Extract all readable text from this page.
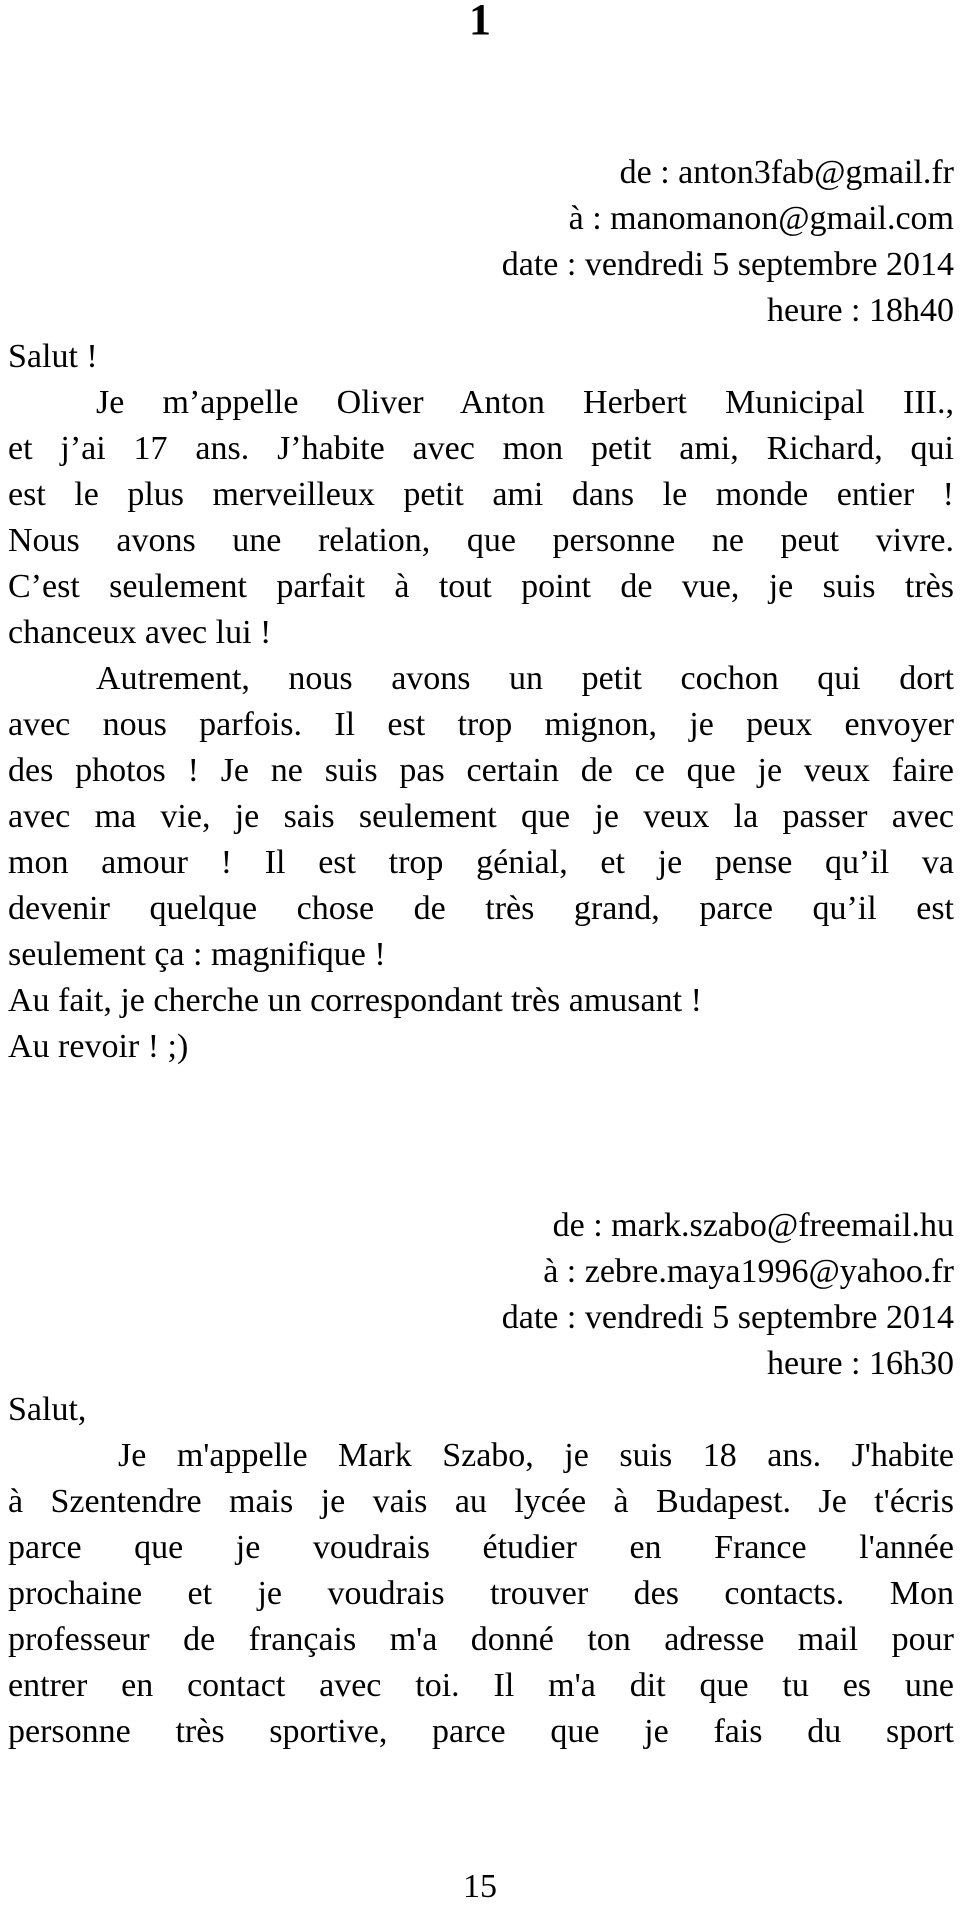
1
de : anton3fab@gmail.fr
à : manomanon@gmail.com
date : vendredi 5 septembre 2014
heure : 18h40
Salut !
Je m’appelle Oliver Anton Herbert Municipal III.,
et j’ai 17 ans. J’habite avec mon petit ami, Richard, qui
est le plus merveilleux petit ami dans le monde entier !
Nous avons une relation, que personne ne peut vivre.
C’est seulement parfait à tout point de vue, je suis très
chanceux avec lui !
Autrement, nous avons un petit cochon qui dort
avec nous parfois. Il est trop mignon, je peux envoyer
des photos ! Je ne suis pas certain de ce que je veux faire
avec ma vie, je sais seulement que je veux la passer avec
mon amour ! Il est trop génial, et je pense qu’il va
devenir quelque chose de très grand, parce qu’il est
seulement ça : magnifique !
Au fait, je cherche un correspondant très amusant !
Au revoir ! ;)
de : mark.szabo@freemail.hu
à : zebre.maya1996@yahoo.fr
date : vendredi 5 septembre 2014
heure : 16h30
Salut,
Je m'appelle Mark Szabo, je suis 18 ans. J'habite
à Szentendre mais je vais au lycée à Budapest. Je t'écris
parce que je voudrais étudier en France l'année
prochaine et je voudrais trouver des contacts. Mon
professeur de français m'a donné ton adresse mail pour
entrer en contact avec toi. Il m'a dit que tu es une
personne très sportive, parce que je fais du sport
15
